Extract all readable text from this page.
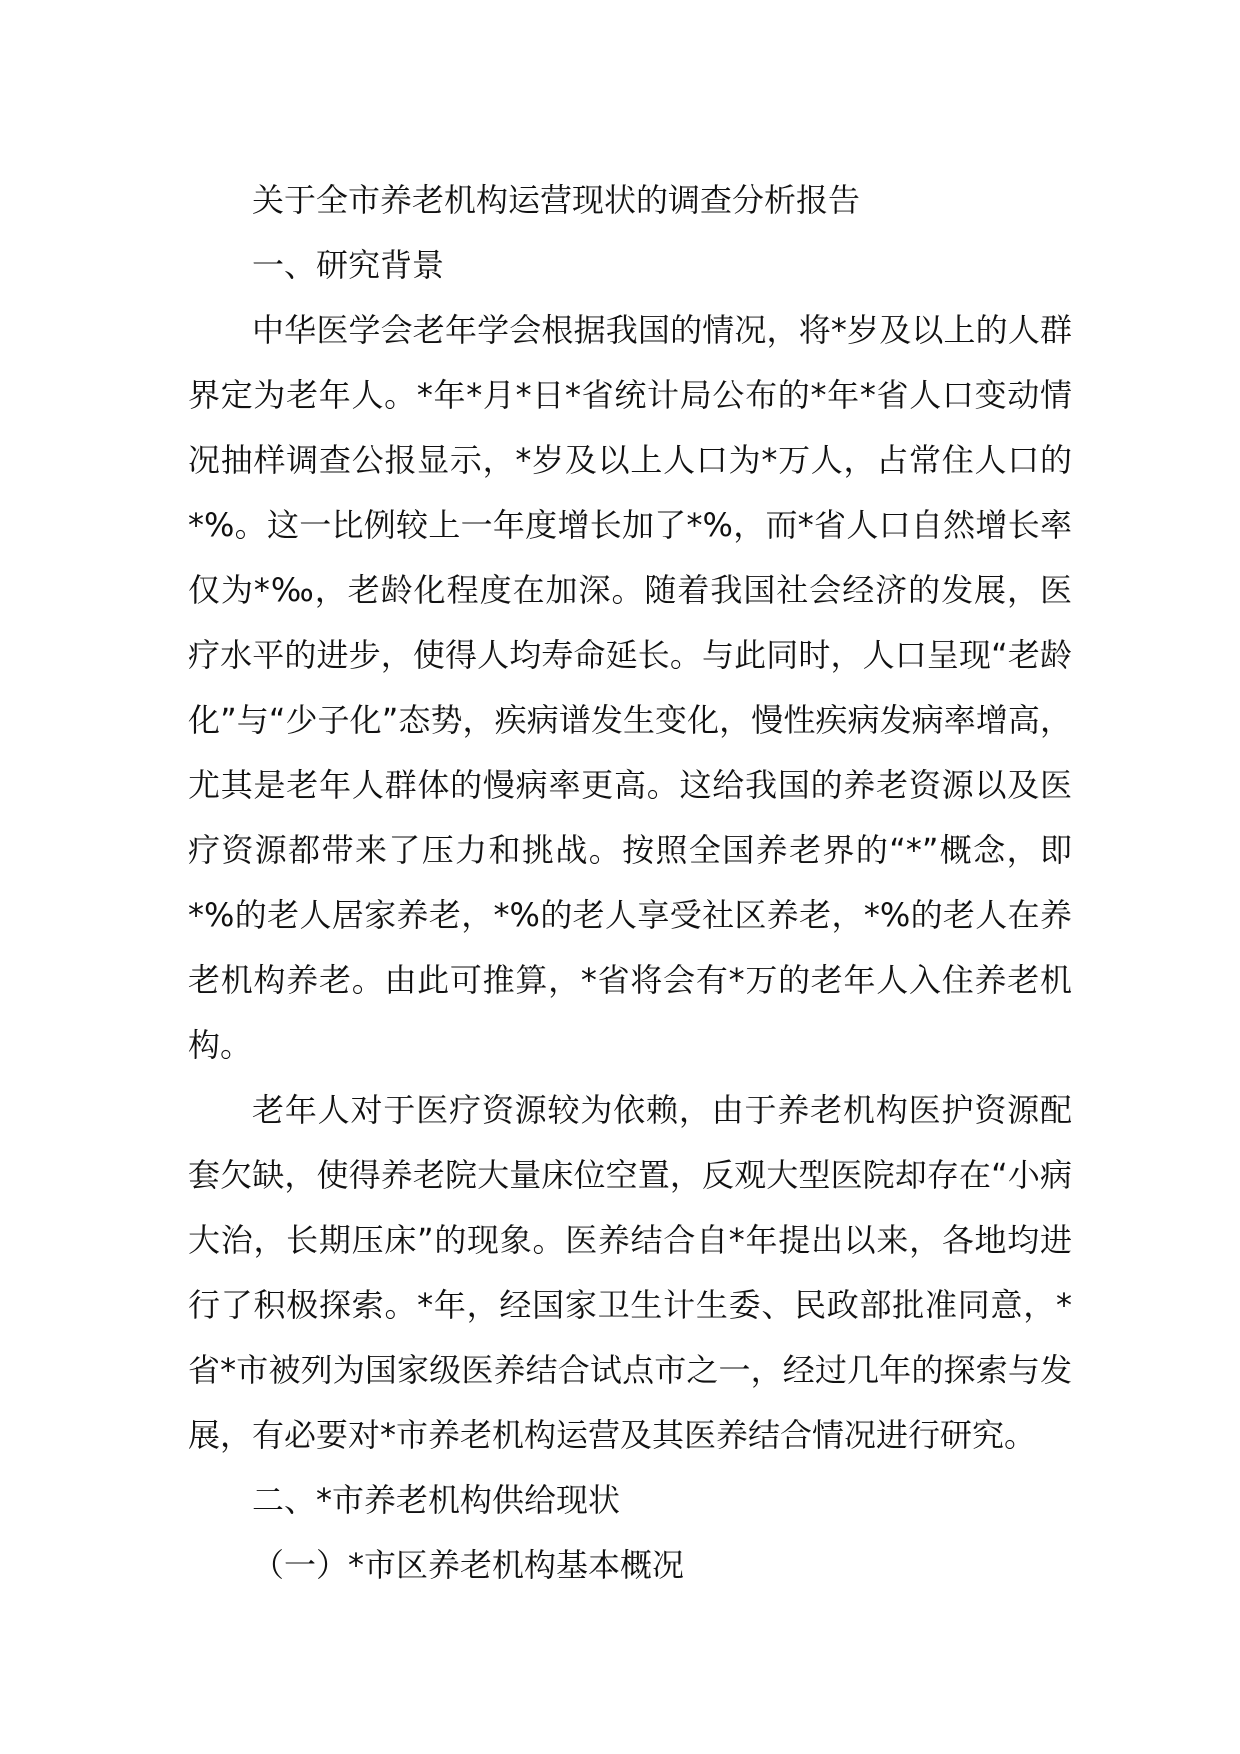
关于全市养老机构运营现状的调查分析报告

一、研究背景

中华医学会老年学会根据我国的情况，将*岁及以上的人群界定为老年人。*年*月*日*省统计局公布的*年*省人口变动情况抽样调查公报显示，*岁及以上人口为*万人，占常住人口的*%。这一比例较上一年度增长加了*%，而*省人口自然增长率仅为*‰，老龄化程度在加深。随着我国社会经济的发展，医疗水平的进步，使得人均寿命延长。与此同时，人口呈现“老龄化”与“少子化”态势，疾病谱发生变化，慢性疾病发病率增高，尤其是老年人群体的慢病率更高。这给我国的养老资源以及医疗资源都带来了压力和挑战。按照全国养老界的“*”概念，即*%的老人居家养老，*%的老人享受社区养老，*%的老人在养老机构养老。由此可推算，*省将会有*万的老年人入住养老机构。

老年人对于医疗资源较为依赖，由于养老机构医护资源配套欠缺，使得养老院大量床位空置，反观大型医院却存在“小病大治，长期压床”的现象。医养结合自*年提出以来，各地均进行了积极探索。*年，经国家卫生计生委、民政部批准同意，*省*市被列为国家级医养结合试点市之一，经过几年的探索与发展，有必要对*市养老机构运营及其医养结合情况进行研究。

二、*市养老机构供给现状

（一）*市区养老机构基本概况
